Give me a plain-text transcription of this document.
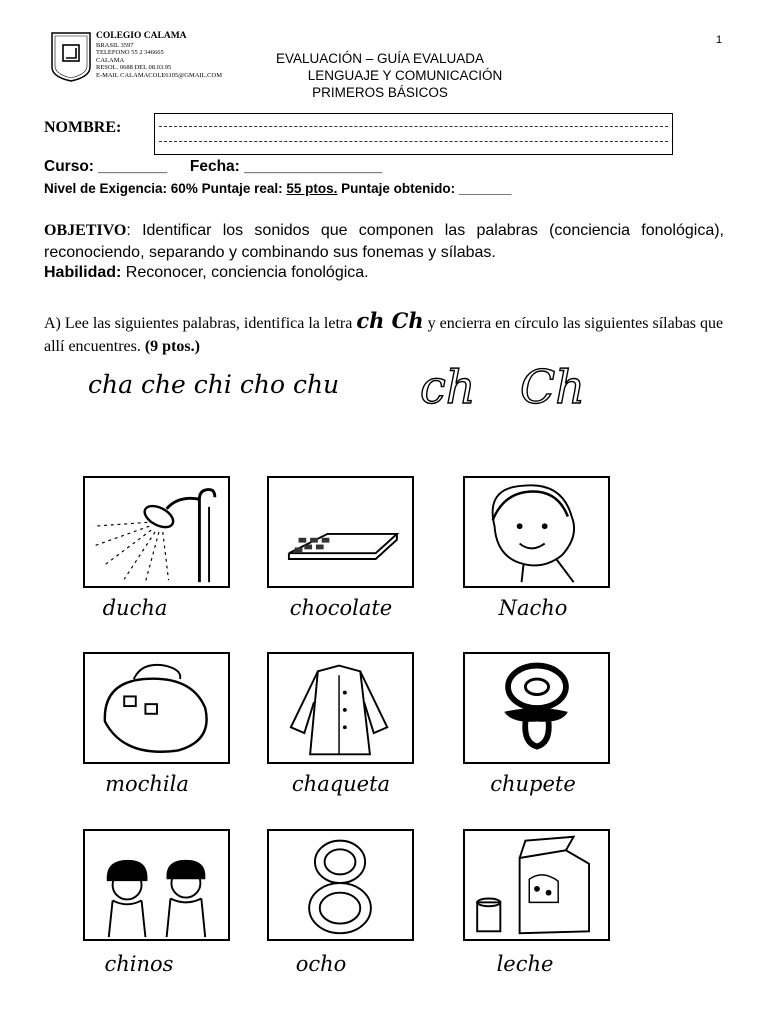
1
COLEGIO CALAMA
BRASIL 3597
TELEFONO 55 2 346665
CALAMA
RESOL. 0688 DEL 08.03.95
E-MAIL CALAMACOLE6105@GMAIL.COM
EVALUACIÓN – GUÍA EVALUADA
LENGUAJE Y COMUNICACIÓN
PRIMEROS BÁSICOS
NOMBRE:
Curso: ________ Fecha: ________________
Nivel de Exigencia: 60% Puntaje real: 55 ptos. Puntaje obtenido: _______
OBJETIVO: Identificar los sonidos que componen las palabras (conciencia fonológica), reconociendo, separando y combinando sus fonemas y sílabas.
Habilidad: Reconocer, conciencia fonológica.
A) Lee las siguientes palabras, identifica la letra ch Ch y encierra en círculo las siguientes sílabas que allí encuentres. (9 ptos.)
cha che chi cho chu ch Ch
ducha	chocolate	Nacho
mochila	chaqueta	chupete
chinos	ocho	leche
